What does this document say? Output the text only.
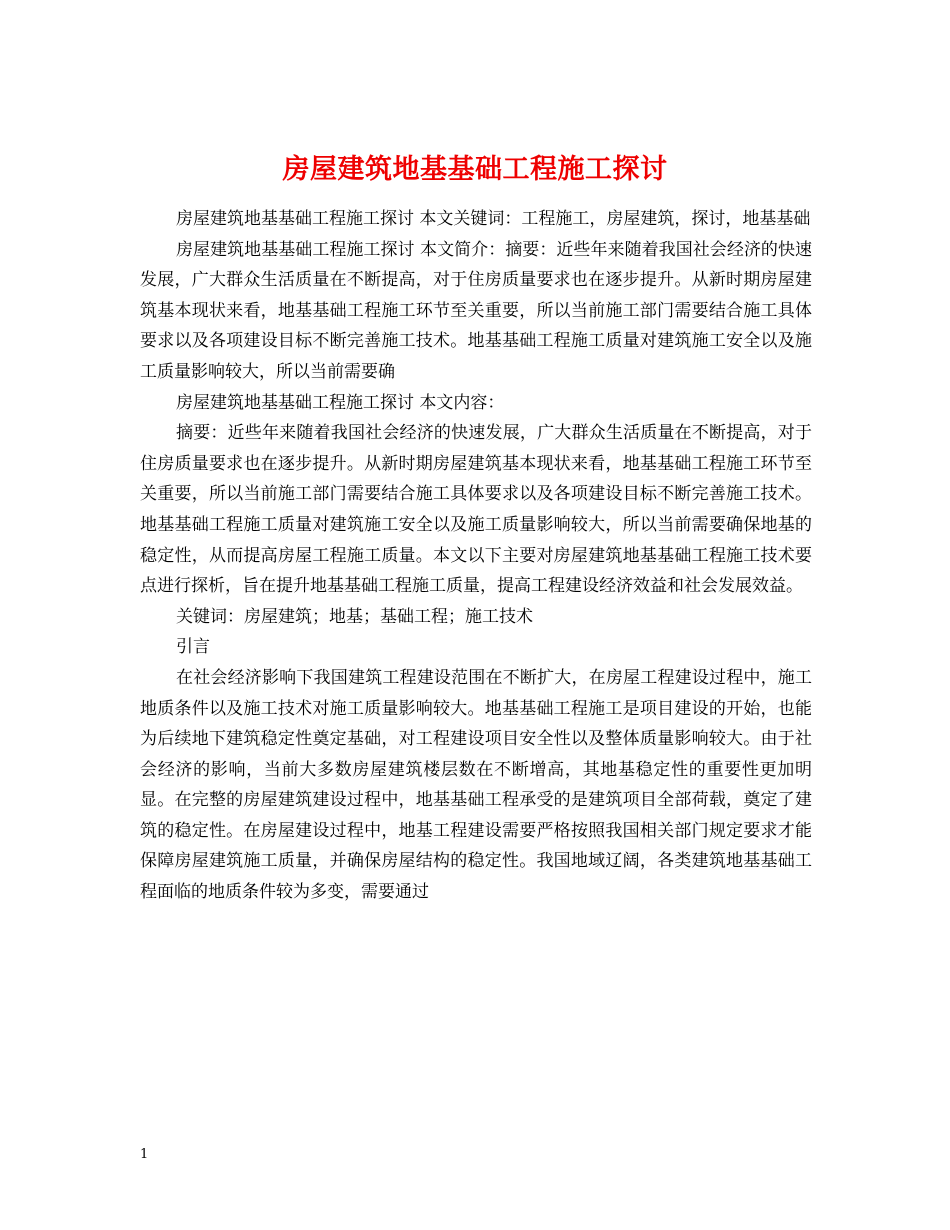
房屋建筑地基基础工程施工探讨

房屋建筑地基基础工程施工探讨 本文关键词：工程施工，房屋建筑，探讨，地基基础

房屋建筑地基基础工程施工探讨 本文简介：摘要：近些年来随着我国社会经济的快速发展，广大群众生活质量在不断提高，对于住房质量要求也在逐步提升。从新时期房屋建筑基本现状来看，地基基础工程施工环节至关重要，所以当前施工部门需要结合施工具体要求以及各项建设目标不断完善施工技术。地基基础工程施工质量对建筑施工安全以及施工质量影响较大，所以当前需要确

房屋建筑地基基础工程施工探讨 本文内容：

摘要：近些年来随着我国社会经济的快速发展，广大群众生活质量在不断提高，对于住房质量要求也在逐步提升。从新时期房屋建筑基本现状来看，地基基础工程施工环节至关重要，所以当前施工部门需要结合施工具体要求以及各项建设目标不断完善施工技术。地基基础工程施工质量对建筑施工安全以及施工质量影响较大，所以当前需要确保地基的稳定性，从而提高房屋工程施工质量。本文以下主要对房屋建筑地基基础工程施工技术要点进行探析，旨在提升地基基础工程施工质量，提高工程建设经济效益和社会发展效益。

关键词：房屋建筑；地基；基础工程；施工技术

引言

在社会经济影响下我国建筑工程建设范围在不断扩大，在房屋工程建设过程中，施工地质条件以及施工技术对施工质量影响较大。地基基础工程施工是项目建设的开始，也能为后续地下建筑稳定性奠定基础，对工程建设项目安全性以及整体质量影响较大。由于社会经济的影响，当前大多数房屋建筑楼层数在不断增高，其地基稳定性的重要性更加明显。在完整的房屋建筑建设过程中，地基基础工程承受的是建筑项目全部荷载，奠定了建筑的稳定性。在房屋建设过程中，地基工程建设需要严格按照我国相关部门规定要求才能保障房屋建筑施工质量，并确保房屋结构的稳定性。我国地域辽阔，各类建筑地基基础工程面临的地质条件较为多变，需要通过

1
